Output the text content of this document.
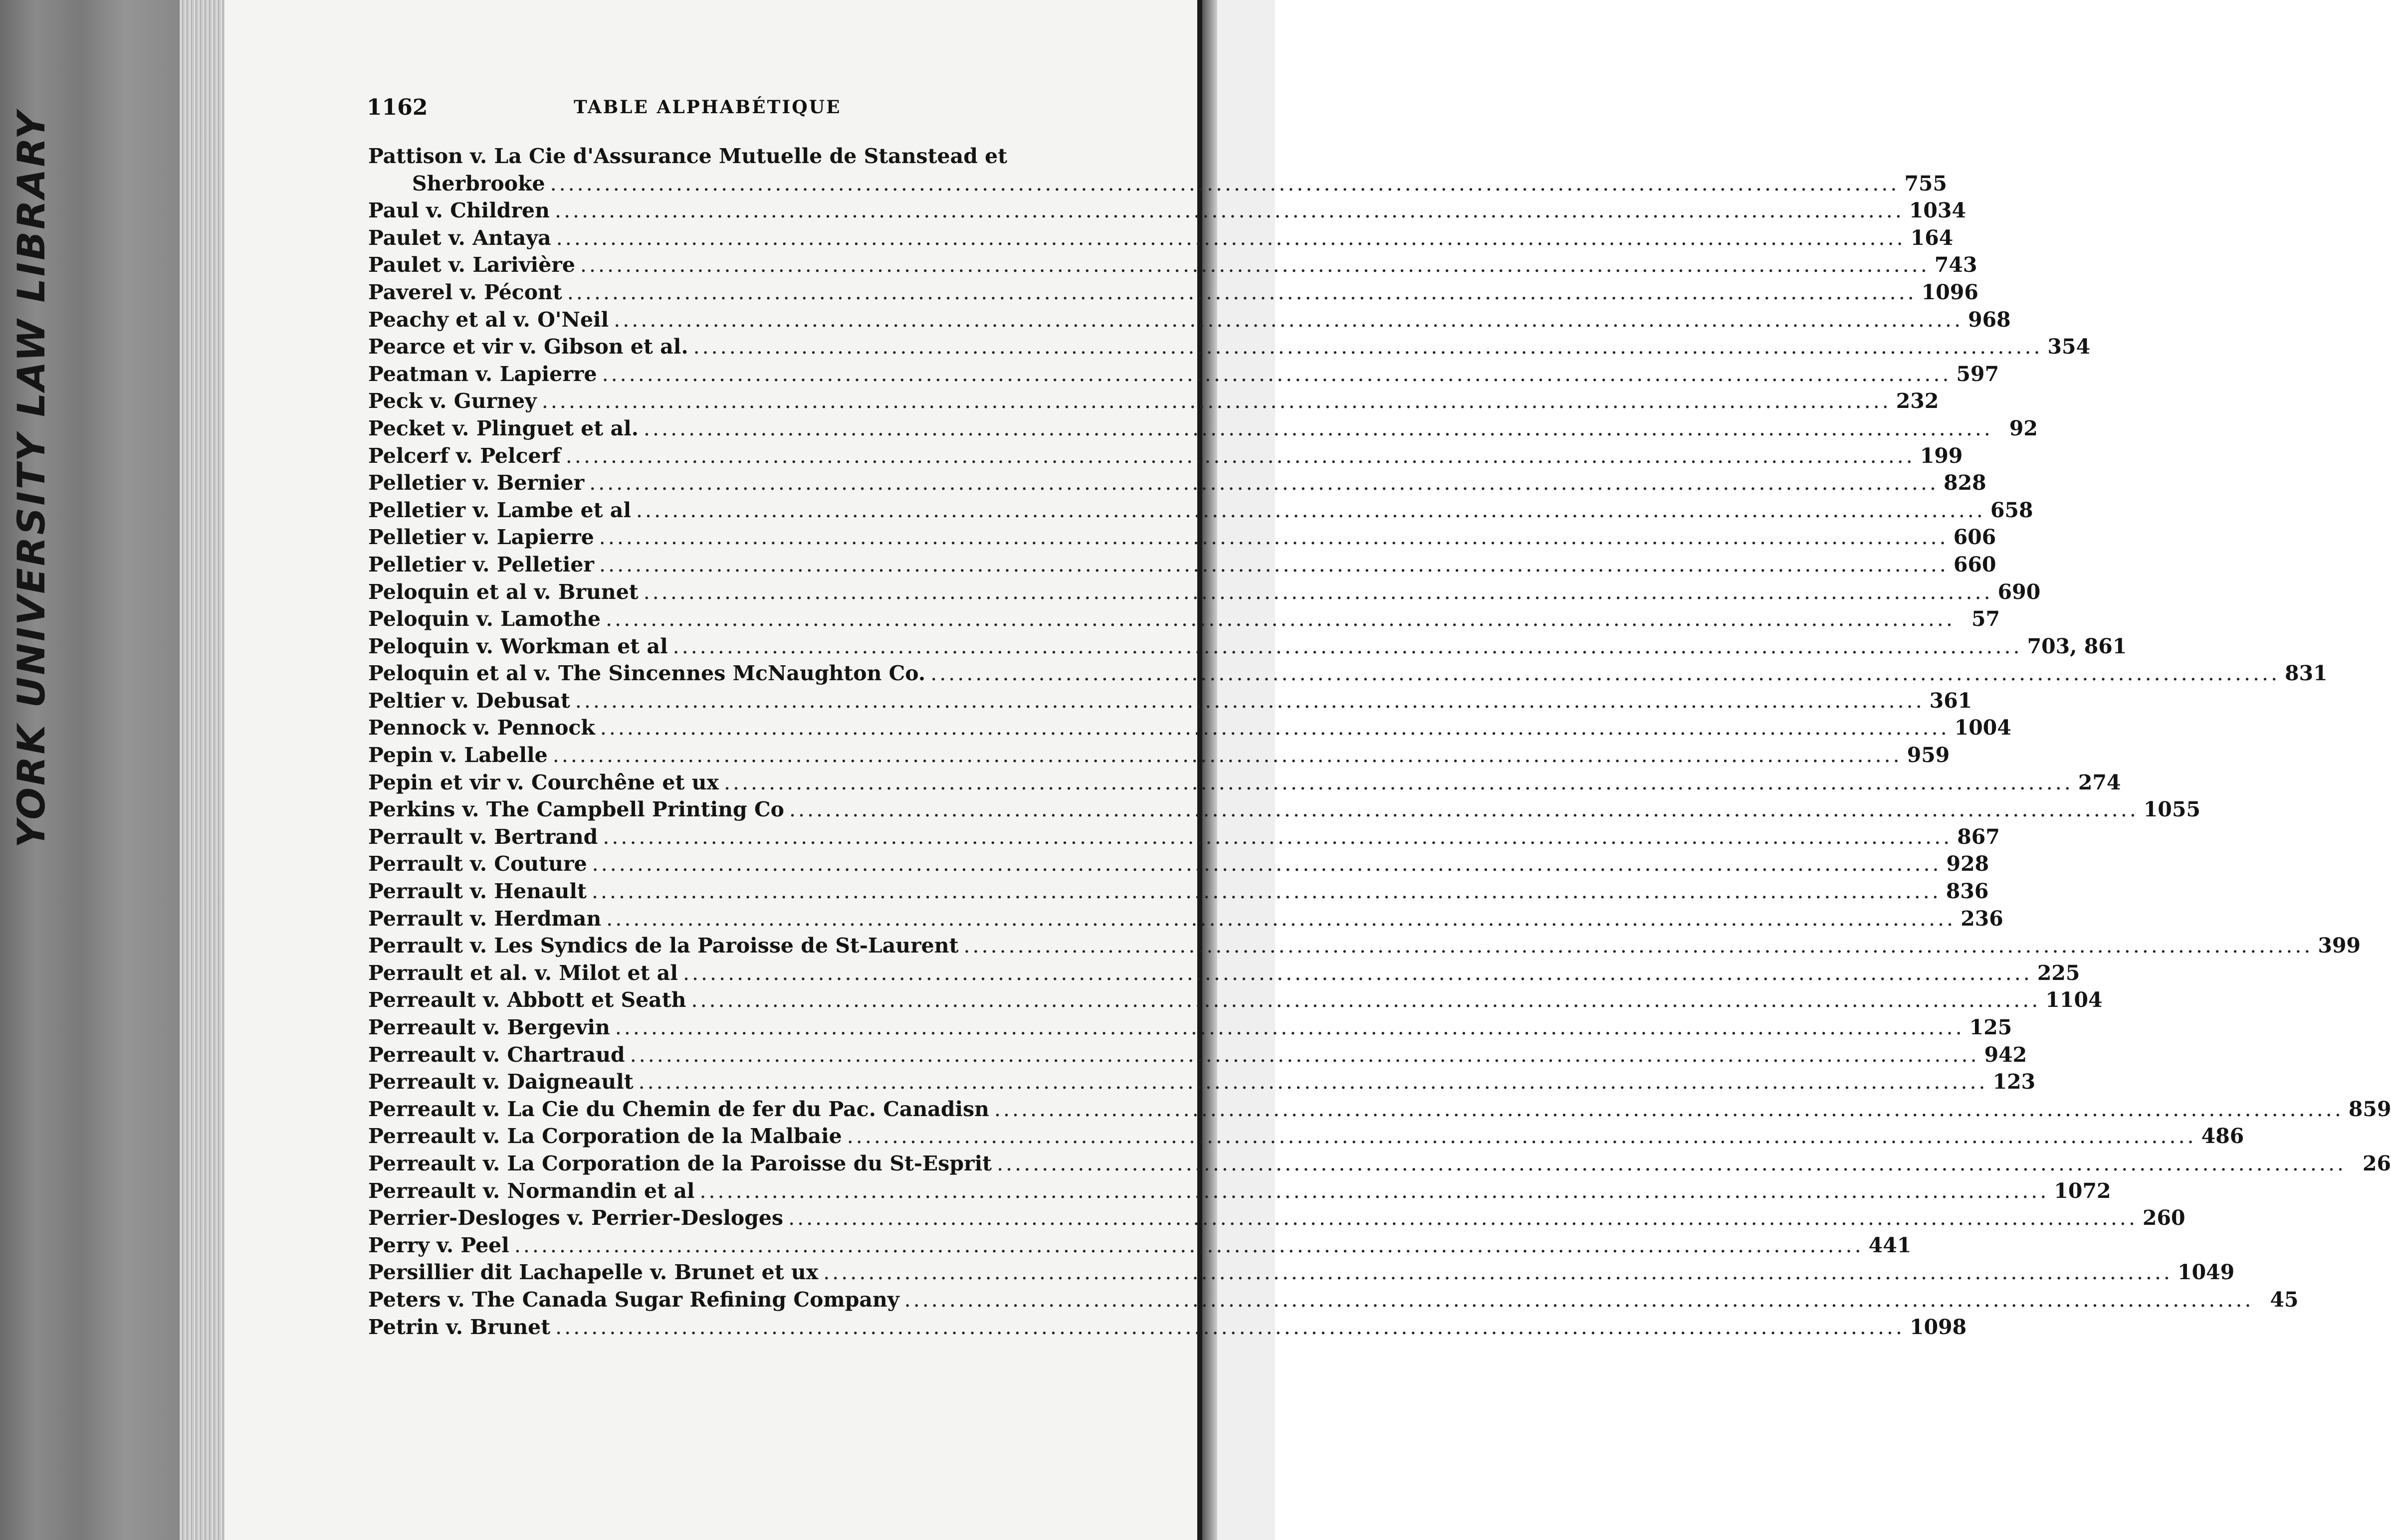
YORK UNIVERSITY LAW LIBRARY
1162	TABLE ALPHABÉTIQUE
Pattison v. La Cie d'Assurance Mutuelle de Stanstead et
Sherbrooke .....	755
Paul v. Children .....	1034
Paulet v. Antaya .....	164
Paulet v. Larivière .....	743
Paverel v. Pécont .....	1096
Peachy et al v. O'Neil .....	968
Pearce et vir v. Gibson et al. .....	354
Peatman v. Lapierre .....	597
Peck v. Gurney .....	232
Pecket v. Plinguet et al. .....	92
Pelcerf v. Pelcerf .....	199
Pelletier v. Bernier .....	828
Pelletier v. Lambe et al .....	658
Pelletier v. Lapierre .....	606
Pelletier v. Pelletier .....	660
Peloquin et al v. Brunet .....	690
Peloquin v. Lamothe .....	57
Peloquin v. Workman et al .....	703, 861
Peloquin et al v. The Sincennes McNaughton Co. .....	831
Peltier v. Debusat .....	361
Pennock v. Pennock .....	1004
Pepin v. Labelle .....	959
Pepin et vir v. Courchêne et ux .....	274
Perkins v. The Campbell Printing Co .....	1055
Perrault v. Bertrand .....	867
Perrault v. Couture .....	928
Perrault v. Henault .....	836
Perrault v. Herdman .....	236
Perrault v. Les Syndics de la Paroisse de St-Laurent .....	399
Perrault et al. v. Milot et al .....	225
Perreault v. Abbott et Seath .....	1104
Perreault v. Bergevin .....	125
Perreault v. Chartraud .....	942
Perreault v. Daigneault .....	123
Perreault v. La Cie du Chemin de fer du Pac. Canadisn .....	859
Perreault v. La Corporation de la Malbaie .....	486
Perreault v. La Corporation de la Paroisse du St-Esprit .....	26
Perreault v. Normandin et al .....	1072
Perrier-Desloges v. Perrier-Desloges .....	260
Perry v. Peel .....	441
Persillier dit Lachapelle v. Brunet et ux .....	1049
Peters v. The Canada Sugar Refining Company .....	45
Petrin v. Brunet .....	1098
